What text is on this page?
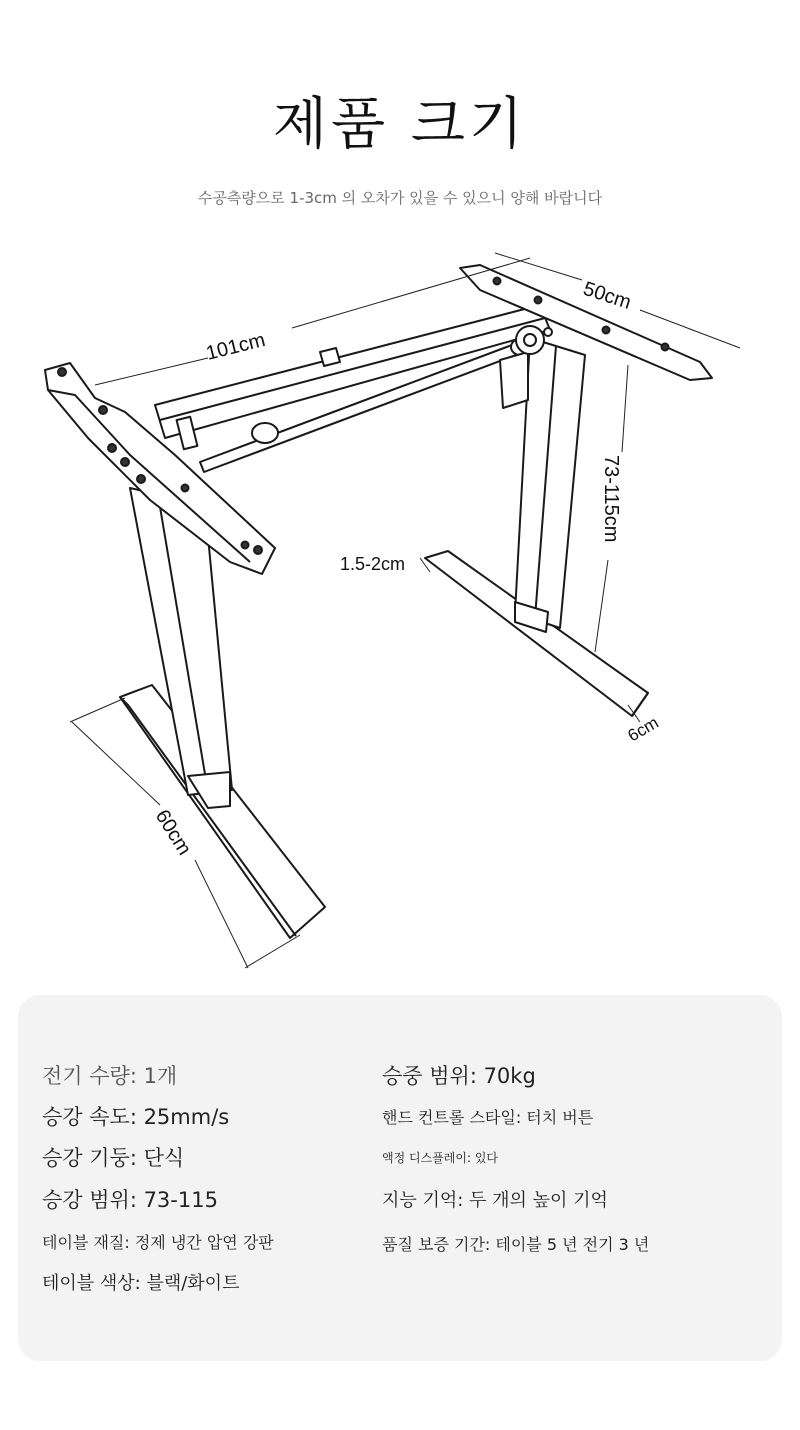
제품 크기
수공측량으로 1-3cm 의 오차가 있을 수 있으니 양해 바랍니다
101cm
50cm
73-115cm
1.5-2cm
60cm
6cm
전기 수량: 1개	승중 범위: 70kg
승강 속도: 25mm/s	핸드 컨트롤 스타일: 터치 버튼
승강 기둥: 단식	액정 디스플레이: 있다
승강 범위: 73-115	지능 기억: 두 개의 높이 기억
테이블 재질: 정제 냉간 압연 강판	품질 보증 기간: 테이블 5 년 전기 3 년
테이블 색상: 블랙/화이트
